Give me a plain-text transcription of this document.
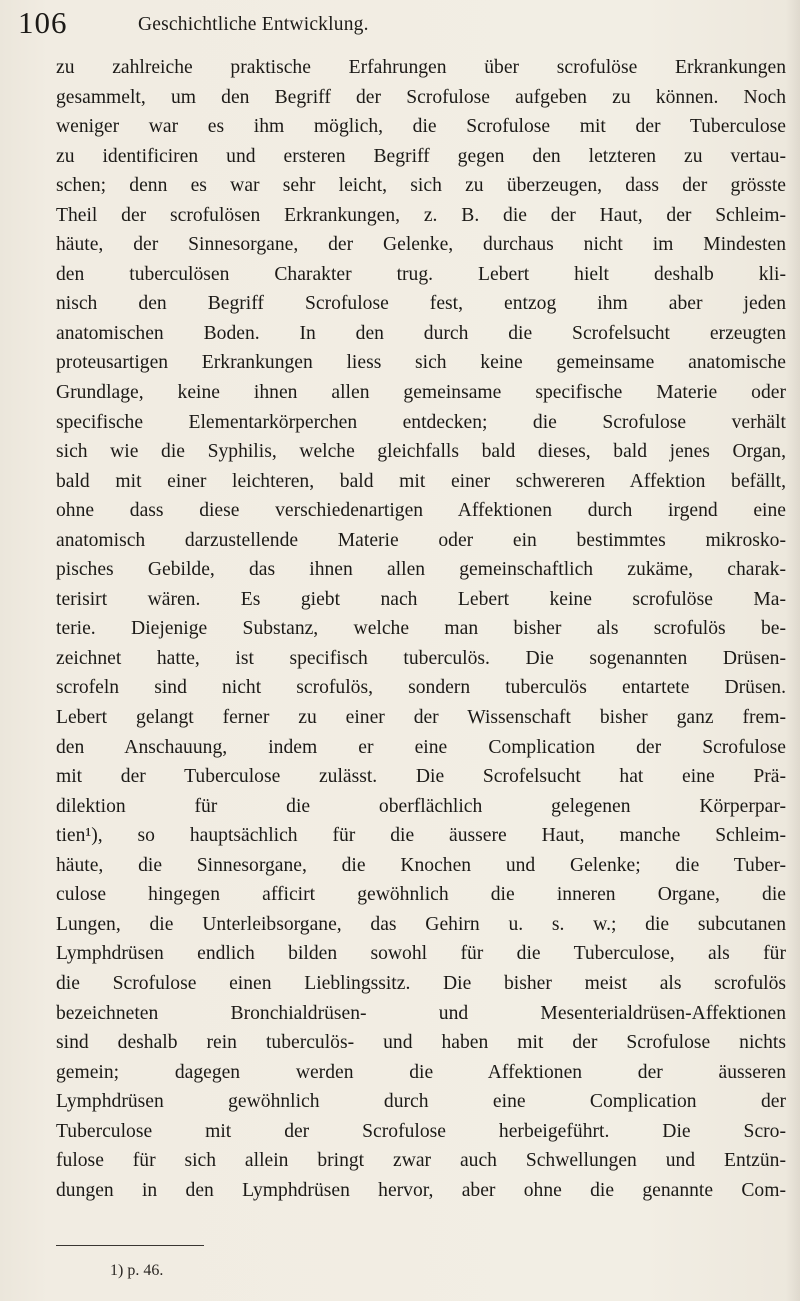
106	Geschichtliche Entwicklung.
zu zahlreiche praktische Erfahrungen über scrofulöse Erkrankungen
gesammelt, um den Begriff der Scrofulose aufgeben zu können. Noch
weniger war es ihm möglich, die Scrofulose mit der Tuberculose
zu identificiren und ersteren Begriff gegen den letzteren zu vertau-
schen; denn es war sehr leicht, sich zu überzeugen, dass der grösste
Theil der scrofulösen Erkrankungen, z. B. die der Haut, der Schleim-
häute, der Sinnesorgane, der Gelenke, durchaus nicht im Mindesten
den tuberculösen Charakter trug. Lebert hielt deshalb kli-
nisch den Begriff Scrofulose fest, entzog ihm aber jeden
anatomischen Boden. In den durch die Scrofelsucht erzeugten
proteusartigen Erkrankungen liess sich keine gemeinsame anatomische
Grundlage, keine ihnen allen gemeinsame specifische Materie oder
specifische Elementarkörperchen entdecken; die Scrofulose verhält
sich wie die Syphilis, welche gleichfalls bald dieses, bald jenes Organ,
bald mit einer leichteren, bald mit einer schwereren Affektion befällt,
ohne dass diese verschiedenartigen Affektionen durch irgend eine
anatomisch darzustellende Materie oder ein bestimmtes mikrosko-
pisches Gebilde, das ihnen allen gemeinschaftlich zukäme, charak-
terisirt wären. Es giebt nach Lebert keine scrofulöse Ma-
terie. Diejenige Substanz, welche man bisher als scrofulös be-
zeichnet hatte, ist specifisch tuberculös. Die sogenannten Drüsen-
scrofeln sind nicht scrofulös, sondern tuberculös entartete Drüsen.
Lebert gelangt ferner zu einer der Wissenschaft bisher ganz frem-
den Anschauung, indem er eine Complication der Scrofulose
mit der Tuberculose zulässt. Die Scrofelsucht hat eine Prä-
dilektion für die oberflächlich gelegenen Körperpar-
tien¹), so hauptsächlich für die äussere Haut, manche Schleim-
häute, die Sinnesorgane, die Knochen und Gelenke; die Tuber-
culose hingegen afficirt gewöhnlich die inneren Organe, die
Lungen, die Unterleibsorgane, das Gehirn u. s. w.; die subcutanen
Lymphdrüsen endlich bilden sowohl für die Tuberculose, als für
die Scrofulose einen Lieblingssitz. Die bisher meist als scrofulös
bezeichneten Bronchialdrüsen- und Mesenterialdrüsen-Affektionen
sind deshalb rein tuberculös- und haben mit der Scrofulose nichts
gemein; dagegen werden die Affektionen der äusseren
Lymphdrüsen gewöhnlich durch eine Complication der
Tuberculose mit der Scrofulose herbeigeführt. Die Scro-
fulose für sich allein bringt zwar auch Schwellungen und Entzün-
dungen in den Lymphdrüsen hervor, aber ohne die genannte Com-
1) p. 46.
